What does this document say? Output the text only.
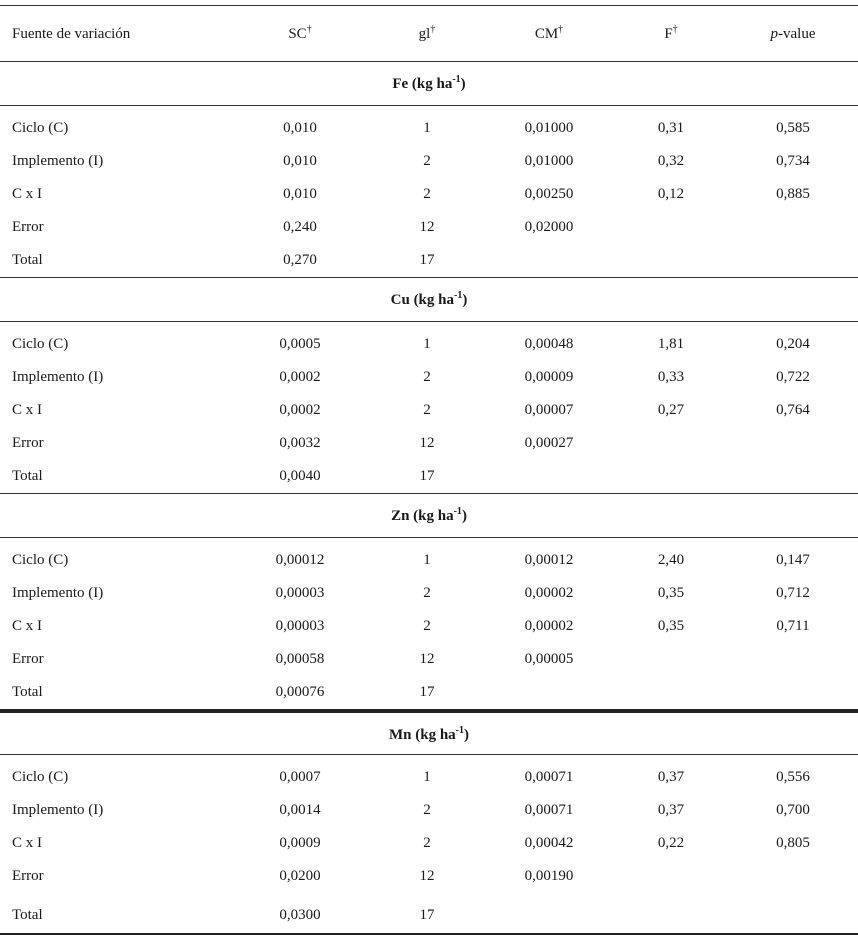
Fuente de variación	SC†	gl†	CM†	F†	p-value
Fe (kg $ha^{-1}$)
Ciclo (C)	0,010	1	0,01000	0,31	0,585
Implemento (I)	0,010	2	0,01000	0,32	0,734
C x I	0,010	2	0,00250	0,12	0,885
Error	0,240	12	0,02000
Total	0,270	17
Cu (kg $ha^{-1}$)
Ciclo (C)	0,0005	1	0,00048	1,81	0,204
Implemento (I)	0,0002	2	0,00009	0,33	0,722
C x I	0,0002	2	0,00007	0,27	0,764
Error	0,0032	12	0,00027
Total	0,0040	17
Zn (kg $ha^{-1}$)
Ciclo (C)	0,00012	1	0,00012	2,40	0,147
Implemento (I)	0,00003	2	0,00002	0,35	0,712
C x I	0,00003	2	0,00002	0,35	0,711
Error	0,00058	12	0,00005
Total	0,00076	17
Mn (kg $ha^{-1}$)
Ciclo (C)	0,0007	1	0,00071	0,37	0,556
Implemento (I)	0,0014	2	0,00071	0,37	0,700
C x I	0,0009	2	0,00042	0,22	0,805
Error	0,0200	12	0,00190
Total	0,0300	17
